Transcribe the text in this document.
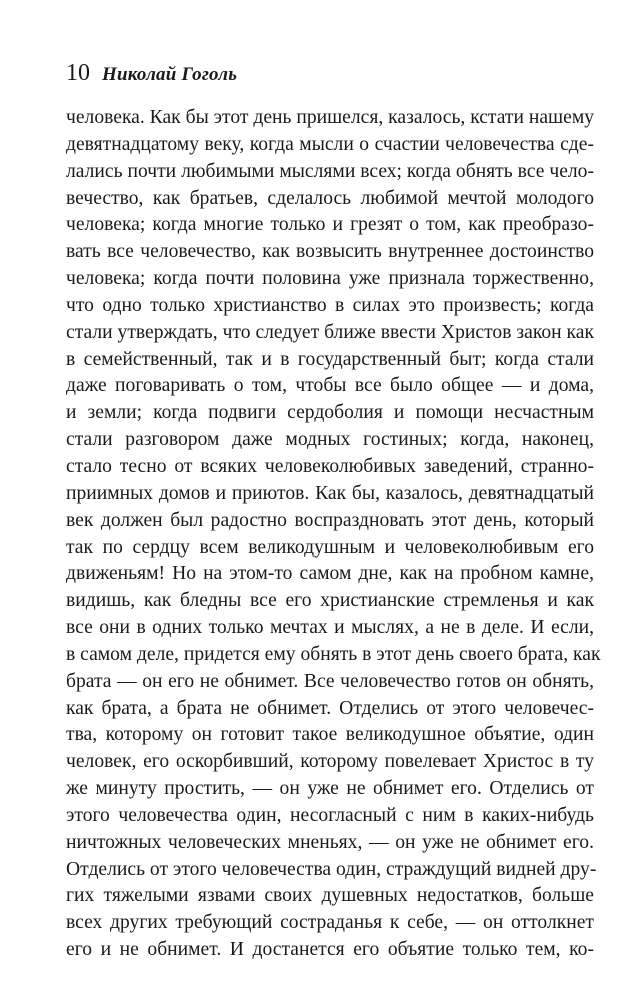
10 Николай Гоголь
человека. Как бы этот день пришелся, казалось, кстати нашему
девятнадцатому веку, когда мысли о счастии человечества сде-
лались почти любимыми мыслями всех; когда обнять все чело-
вечество, как братьев, сделалось любимой мечтой молодого
человека; когда многие только и грезят о том, как преобразо-
вать все человечество, как возвысить внутреннее достоинство
человека; когда почти половина уже признала торжественно,
что одно только христианство в силах это произвесть; когда
стали утверждать, что следует ближе ввести Христов закон как
в семейственный, так и в государственный быт; когда стали
даже поговаривать о том, чтобы все было общее — и дома,
и земли; когда подвиги сердоболия и помощи несчастным
стали разговором даже модных гостиных; когда, наконец,
стало тесно от всяких человеколюбивых заведений, странно-
приимных домов и приютов. Как бы, казалось, девятнадцатый
век должен был радостно воспраздновать этот день, который
так по сердцу всем великодушным и человеколюбивым его
движеньям! Но на этом-то самом дне, как на пробном камне,
видишь, как бледны все его христианские стремленья и как
все они в одних только мечтах и мыслях, а не в деле. И если,
в самом деле, придется ему обнять в этот день своего брата, как
брата — он его не обнимет. Все человечество готов он обнять,
как брата, а брата не обнимет. Отделись от этого человечес-
тва, которому он готовит такое великодушное объятие, один
человек, его оскорбивший, которому повелевает Христос в ту
же минуту простить, — он уже не обнимет его. Отделись от
этого человечества один, несогласный с ним в каких-нибудь
ничтожных человеческих мненьях, — он уже не обнимет его.
Отделись от этого человечества один, страждущий видней дру-
гих тяжелыми язвами своих душевных недостатков, больше
всех других требующий состраданья к себе, — он оттолкнет
его и не обнимет. И достанется его объятие только тем, ко-
